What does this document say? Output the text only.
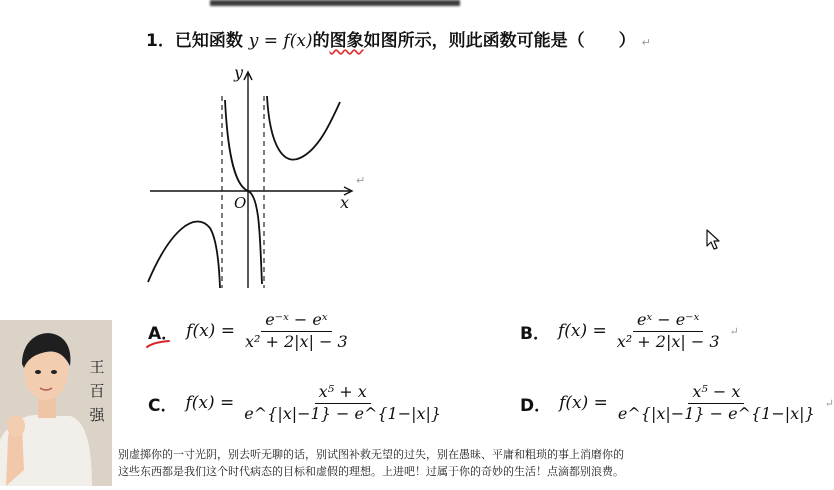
1．已知函数 y = f(x)的图象如图所示，则此函数可能是（　　） ↵
y
x
O
↵
A． $f(x) = \frac{\text{e⁻ˣ − eˣ}}{\text{x² + 2|x| − 3}}$	B． $f(x) = \frac{\text{eˣ − e⁻ˣ}}{\text{x² + 2|x| − 3}}$ ↵
C． $f(x) = \frac{\text{x⁵ + x}}{e\^{}\{|x|-1\} - e\^{}\{1-|x|\}}$	D． $f(x) = \frac{\text{x⁵ − x}}{e\^{}\{|x|-1\} - e\^{}\{1-|x|\}}$ ↵
王百强
别虚掷你的一寸光阴，别去听无聊的话，别试图补救无望的过失，别在愚昧、平庸和粗琐的事上消磨你的
这些东西都是我们这个时代病态的目标和虚假的理想。上进吧！过属于你的奇妙的生活！点滴都别浪费。
